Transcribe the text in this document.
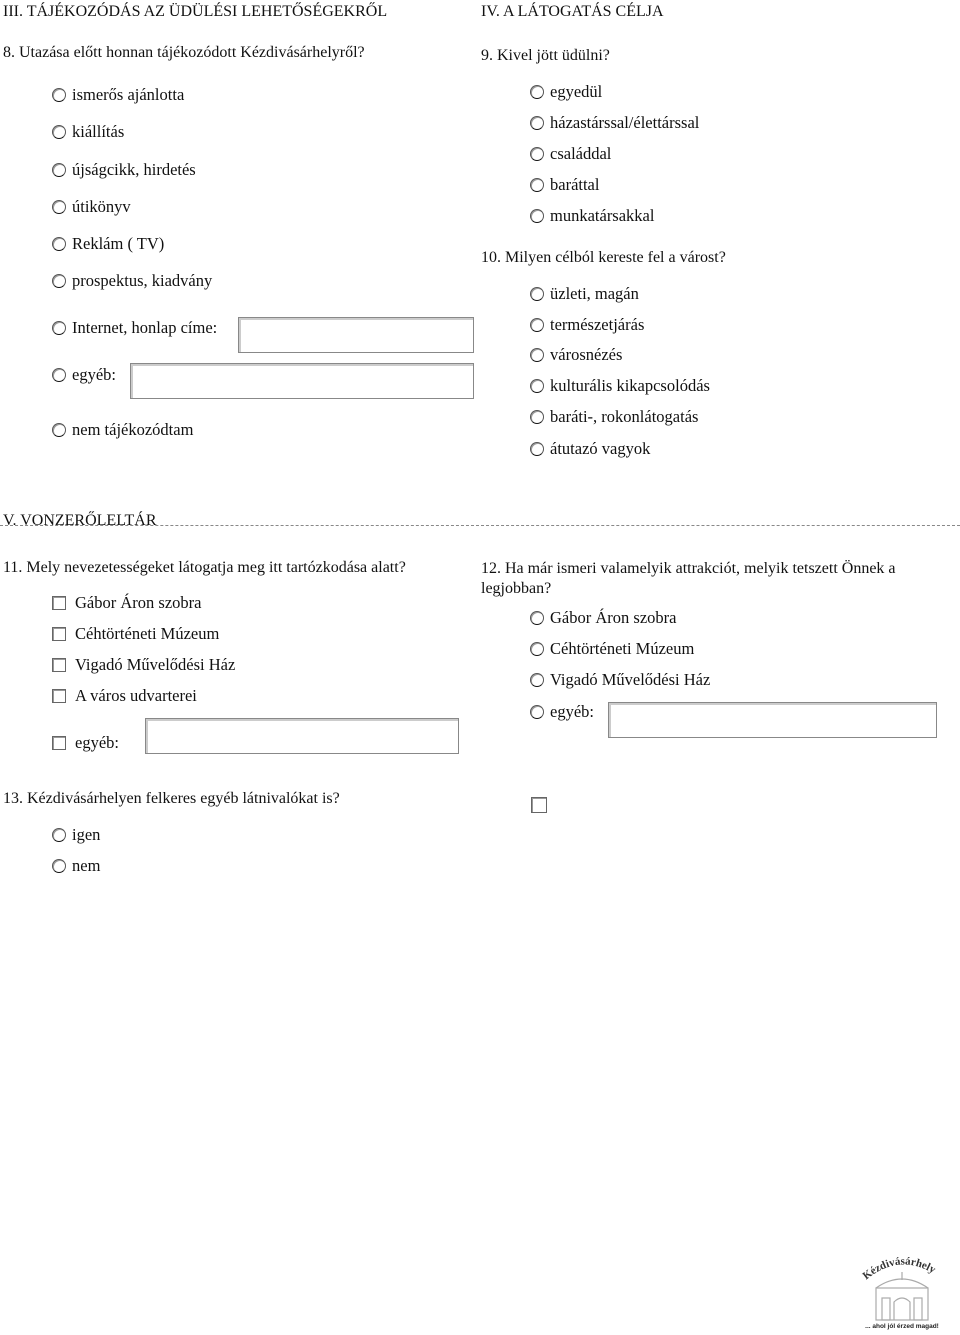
III. TÁJÉKOZÓDÁS AZ ÜDÜLÉSI LEHETŐSÉGEKRŐL
8. Utazása előtt honnan tájékozódott Kézdivásárhelyről?
ismerős ajánlotta
kiállítás
újságcikk, hirdetés
útikönyv
Reklám ( TV)
prospektus, kiadvány
Internet, honlap címe:
egyéb:
nem tájékozódtam
IV. A LÁTOGATÁS CÉLJA
9. Kivel jött üdülni?
egyedül
házastárssal/élettárssal
családdal
baráttal
munkatársakkal
10. Milyen célból kereste fel a várost?
üzleti, magán
természetjárás
városnézés
kulturális kikapcsolódás
baráti-, rokonlátogatás
átutazó vagyok
V. VONZERŐLELTÁR
11. Mely nevezetességeket látogatja meg itt tartózkodása alatt?
Gábor Áron szobra
Céhtörténeti Múzeum
Vigadó Művelődési Ház
A város udvarterei
egyéb:
12. Ha már ismeri valamelyik attrakciót, melyik tetszett Önnek a
legjobban?
Gábor Áron szobra
Céhtörténeti Múzeum
Vigadó Művelődési Ház
egyéb:
13. Kézdivásárhelyen felkeres egyéb látnivalókat is?
igen
nem
Kézdivásárhely
... ahol jól érzed magad!
